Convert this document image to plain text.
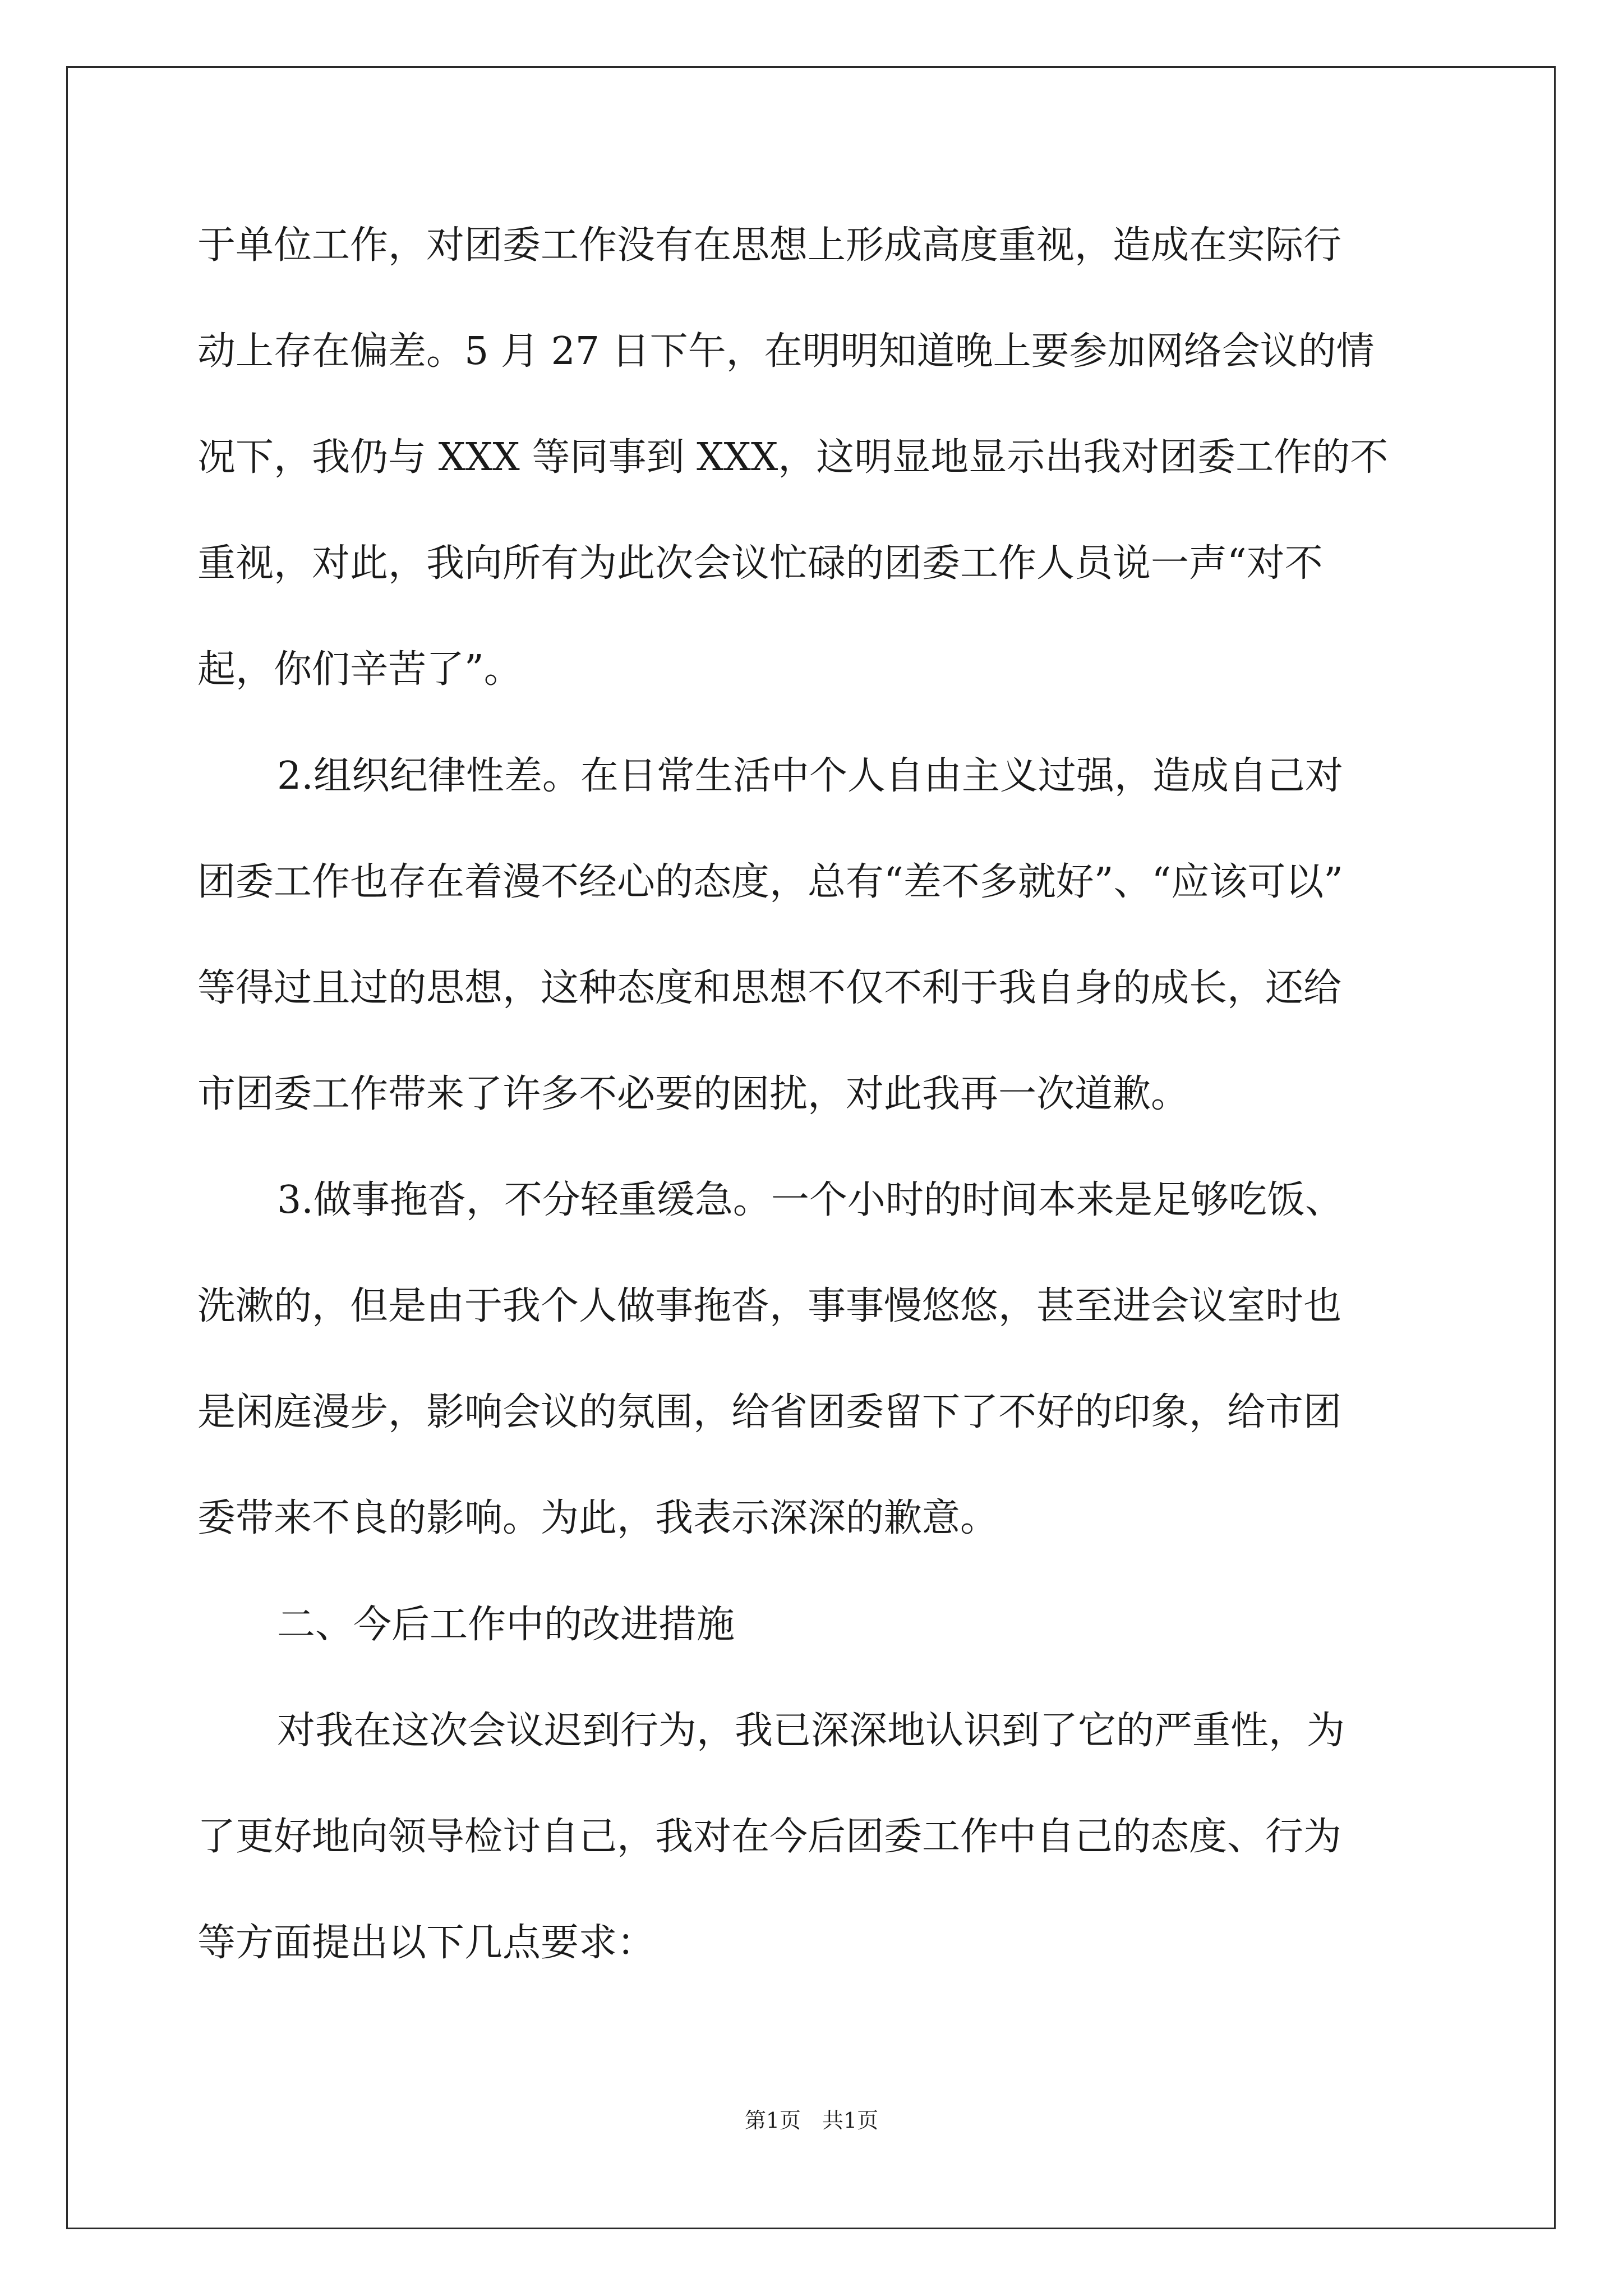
于单位工作，对团委工作没有在思想上形成高度重视，造成在实际行

动上存在偏差。5 月 27 日下午，在明明知道晚上要参加网络会议的情

况下，我仍与 XXX 等同事到 XXX，这明显地显示出我对团委工作的不

重视，对此，我向所有为此次会议忙碌的团委工作人员说一声“对不

起，你们辛苦了”。

2.组织纪律性差。在日常生活中个人自由主义过强，造成自己对

团委工作也存在着漫不经心的态度，总有“差不多就好”、“应该可以”

等得过且过的思想，这种态度和思想不仅不利于我自身的成长，还给

市团委工作带来了许多不必要的困扰，对此我再一次道歉。

3.做事拖沓，不分轻重缓急。一个小时的时间本来是足够吃饭、

洗漱的，但是由于我个人做事拖沓，事事慢悠悠，甚至进会议室时也

是闲庭漫步，影响会议的氛围，给省团委留下了不好的印象，给市团

委带来不良的影响。为此，我表示深深的歉意。

二、今后工作中的改进措施

对我在这次会议迟到行为，我已深深地认识到了它的严重性，为

了更好地向领导检讨自己，我对在今后团委工作中自己的态度、行为

等方面提出以下几点要求：

第1页　共1页
